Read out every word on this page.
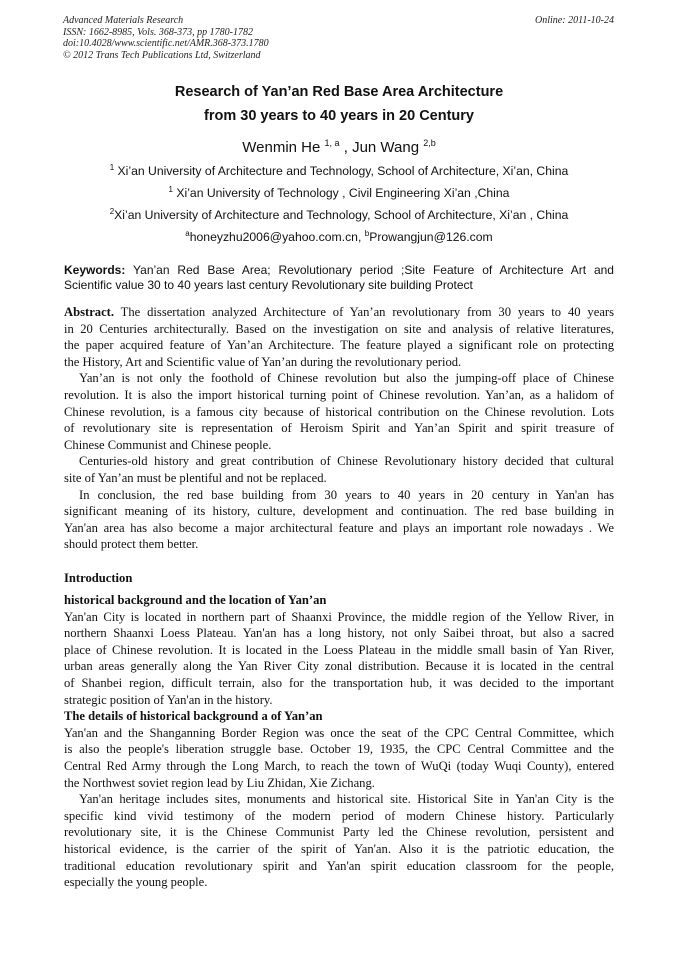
Advanced Materials Research
ISSN: 1662-8985, Vols. 368-373, pp 1780-1782
doi:10.4028/www.scientific.net/AMR.368-373.1780
© 2012 Trans Tech Publications Ltd, Switzerland
Online: 2011-10-24
Research of Yan’an Red Base Area Architecture
from 30 years to 40 years in 20 Century
Wenmin He $^{1, a}$ , Jun Wang $^{2,b}$
$^1$ Xi’an University of Architecture and Technology, School of Architecture, Xi’an, China
$^1$ Xi’an University of Technology , Civil Engineering Xi’an ,China
$^2$Xi’an University of Architecture and Technology, School of Architecture, Xi’an , China
$^a$honeyzhu2006@yahoo.com.cn, $^b$Prowangjun@126.com
Keywords: Yan’an Red Base Area; Revolutionary period ;Site Feature of Architecture Art and
Scientific value 30 to 40 years last century Revolutionary site building Protect
Abstract. The dissertation analyzed Architecture of Yan’an revolutionary from 30 years to 40 years
in 20 Centuries architecturally. Based on the investigation on site and analysis of relative literatures,
the paper acquired feature of Yan’an Architecture. The feature played a significant role on protecting
the History, Art and Scientific value of Yan’an during the revolutionary period.
Yan’an is not only the foothold of Chinese revolution but also the jumping-off place of Chinese
revolution. It is also the import historical turning point of Chinese revolution. Yan’an, as a halidom of
Chinese revolution, is a famous city because of historical contribution on the Chinese revolution. Lots
of revolutionary site is representation of Heroism Spirit and Yan’an Spirit and spirit treasure of
Chinese Communist and Chinese people.
Centuries-old history and great contribution of Chinese Revolutionary history decided that cultural
site of Yan’an must be plentiful and not be replaced.
In conclusion, the red base building from 30 years to 40 years in 20 century in Yan'an has
significant meaning of its history, culture, development and continuation. The red base building in
Yan'an area has also become a major architectural feature and plays an important role nowadays . We
should protect them better.
Introduction
historical background and the location of Yan’an
Yan'an City is located in northern part of Shaanxi Province, the middle region of the Yellow River, in
northern Shaanxi Loess Plateau. Yan'an has a long history, not only Saibei throat, but also a sacred
place of Chinese revolution. It is located in the Loess Plateau in the middle small basin of Yan River,
urban areas generally along the Yan River City zonal distribution. Because it is located in the central
of Shanbei region, difficult terrain, also for the transportation hub, it was decided to the important
strategic position of Yan'an in the history.
The details of historical background a of Yan’an
Yan'an and the Shanganning Border Region was once the seat of the CPC Central Committee, which
is also the people's liberation struggle base. October 19, 1935, the CPC Central Committee and the
Central Red Army through the Long March, to reach the town of WuQi (today Wuqi County), entered
the Northwest soviet region lead by Liu Zhidan, Xie Zichang.
Yan'an heritage includes sites, monuments and historical site. Historical Site in Yan'an City is the
specific kind vivid testimony of the modern period of modern Chinese history. Particularly
revolutionary site, it is the Chinese Communist Party led the Chinese revolution, persistent and
historical evidence, is the carrier of the spirit of Yan'an. Also it is the patriotic education, the
traditional education revolutionary spirit and Yan'an spirit education classroom for the people,
especially the young people.
